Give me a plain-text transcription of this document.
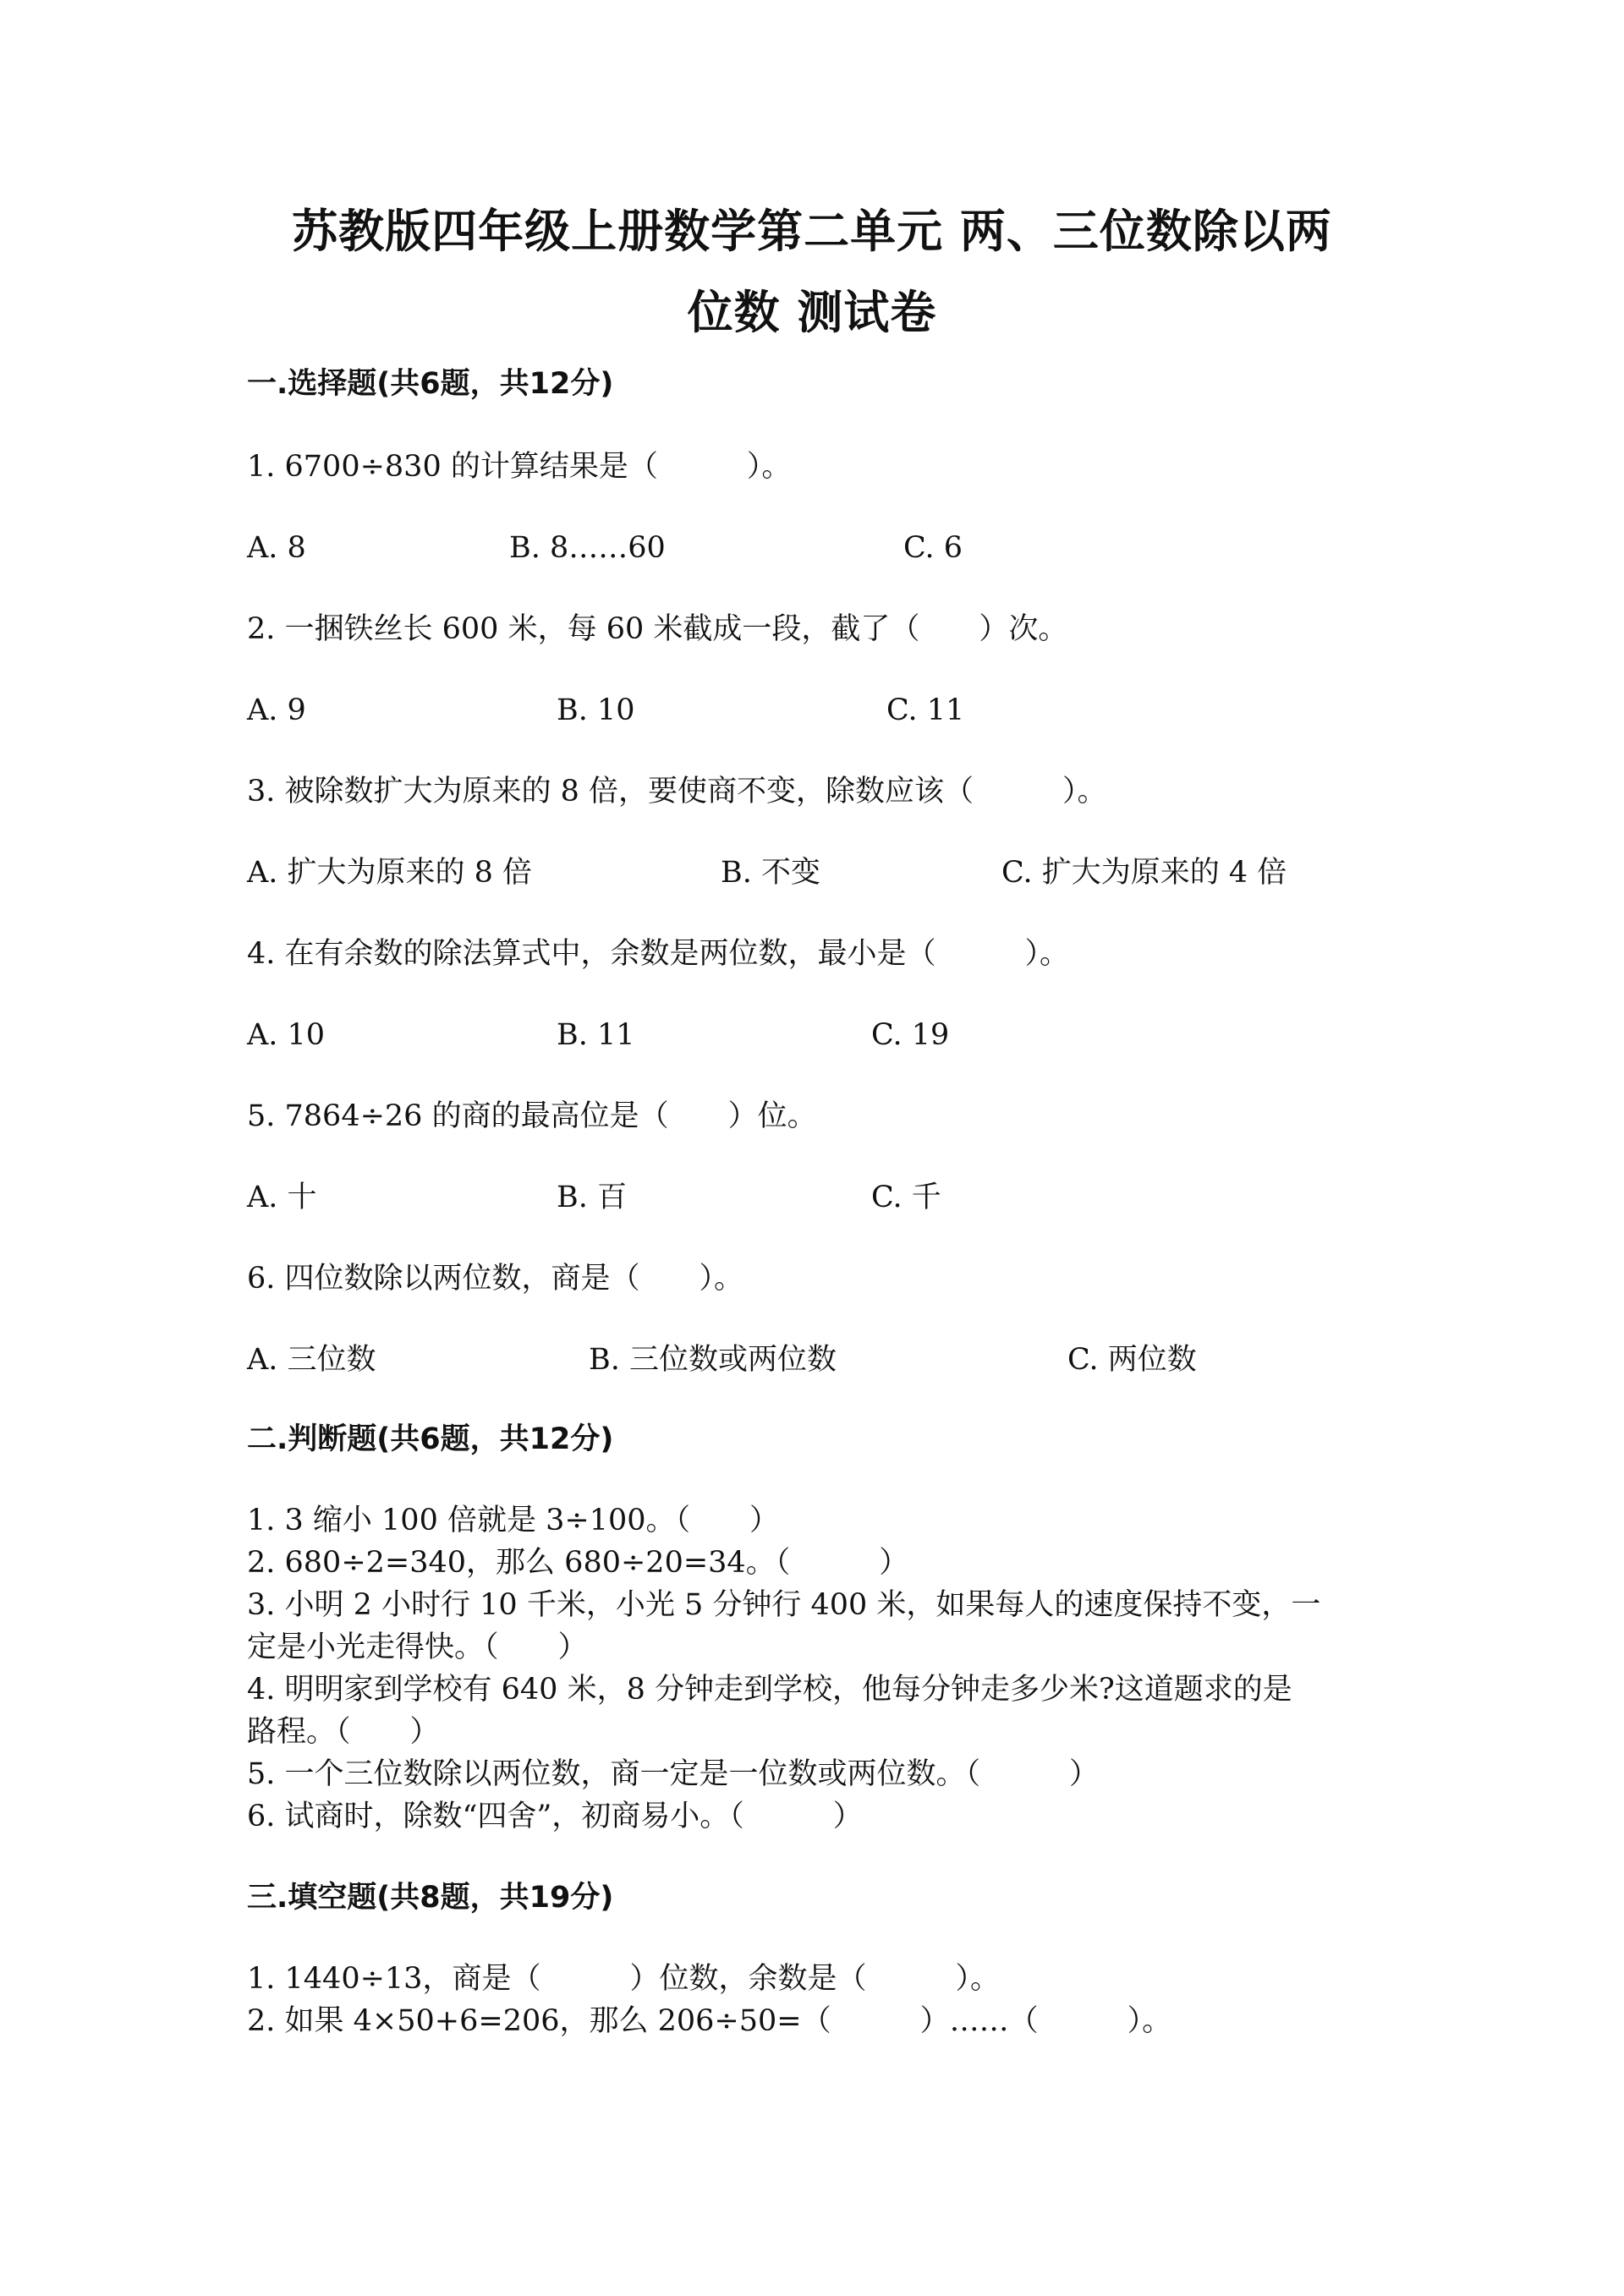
苏教版四年级上册数学第二单元 两、三位数除以两
位数 测试卷
一.选择题(共6题，共12分)
1. 6700÷830 的计算结果是（　　　）。
A. 8	B. 8……60	C. 6
2. 一捆铁丝长 600 米，每 60 米截成一段，截了（　　）次。
A. 9	B. 10	C. 11
3. 被除数扩大为原来的 8 倍，要使商不变，除数应该（　　　）。
A. 扩大为原来的 8 倍	B. 不变	C. 扩大为原来的 4 倍
4. 在有余数的除法算式中，余数是两位数，最小是（　　　）。
A. 10	B. 11	C. 19
5. 7864÷26 的商的最高位是（　　）位。
A. 十	B. 百	C. 千
6. 四位数除以两位数，商是（　　）。
A. 三位数	B. 三位数或两位数	C. 两位数
二.判断题(共6题，共12分)
1. 3 缩小 100 倍就是 3÷100。（　　）
2. 680÷2=340，那么 680÷20=34。（　　　）
3. 小明 2 小时行 10 千米，小光 5 分钟行 400 米，如果每人的速度保持不变，一
定是小光走得快。（　　）
4. 明明家到学校有 640 米，8 分钟走到学校，他每分钟走多少米?这道题求的是
路程。（　　）
5. 一个三位数除以两位数，商一定是一位数或两位数。（　　　）
6. 试商时，除数“四舍”，初商易小。（　　　）
三.填空题(共8题，共19分)
1. 1440÷13，商是（　　　）位数，余数是（　　　）。
2. 如果 4×50+6=206，那么 206÷50=（　　　）……（　　　）。
